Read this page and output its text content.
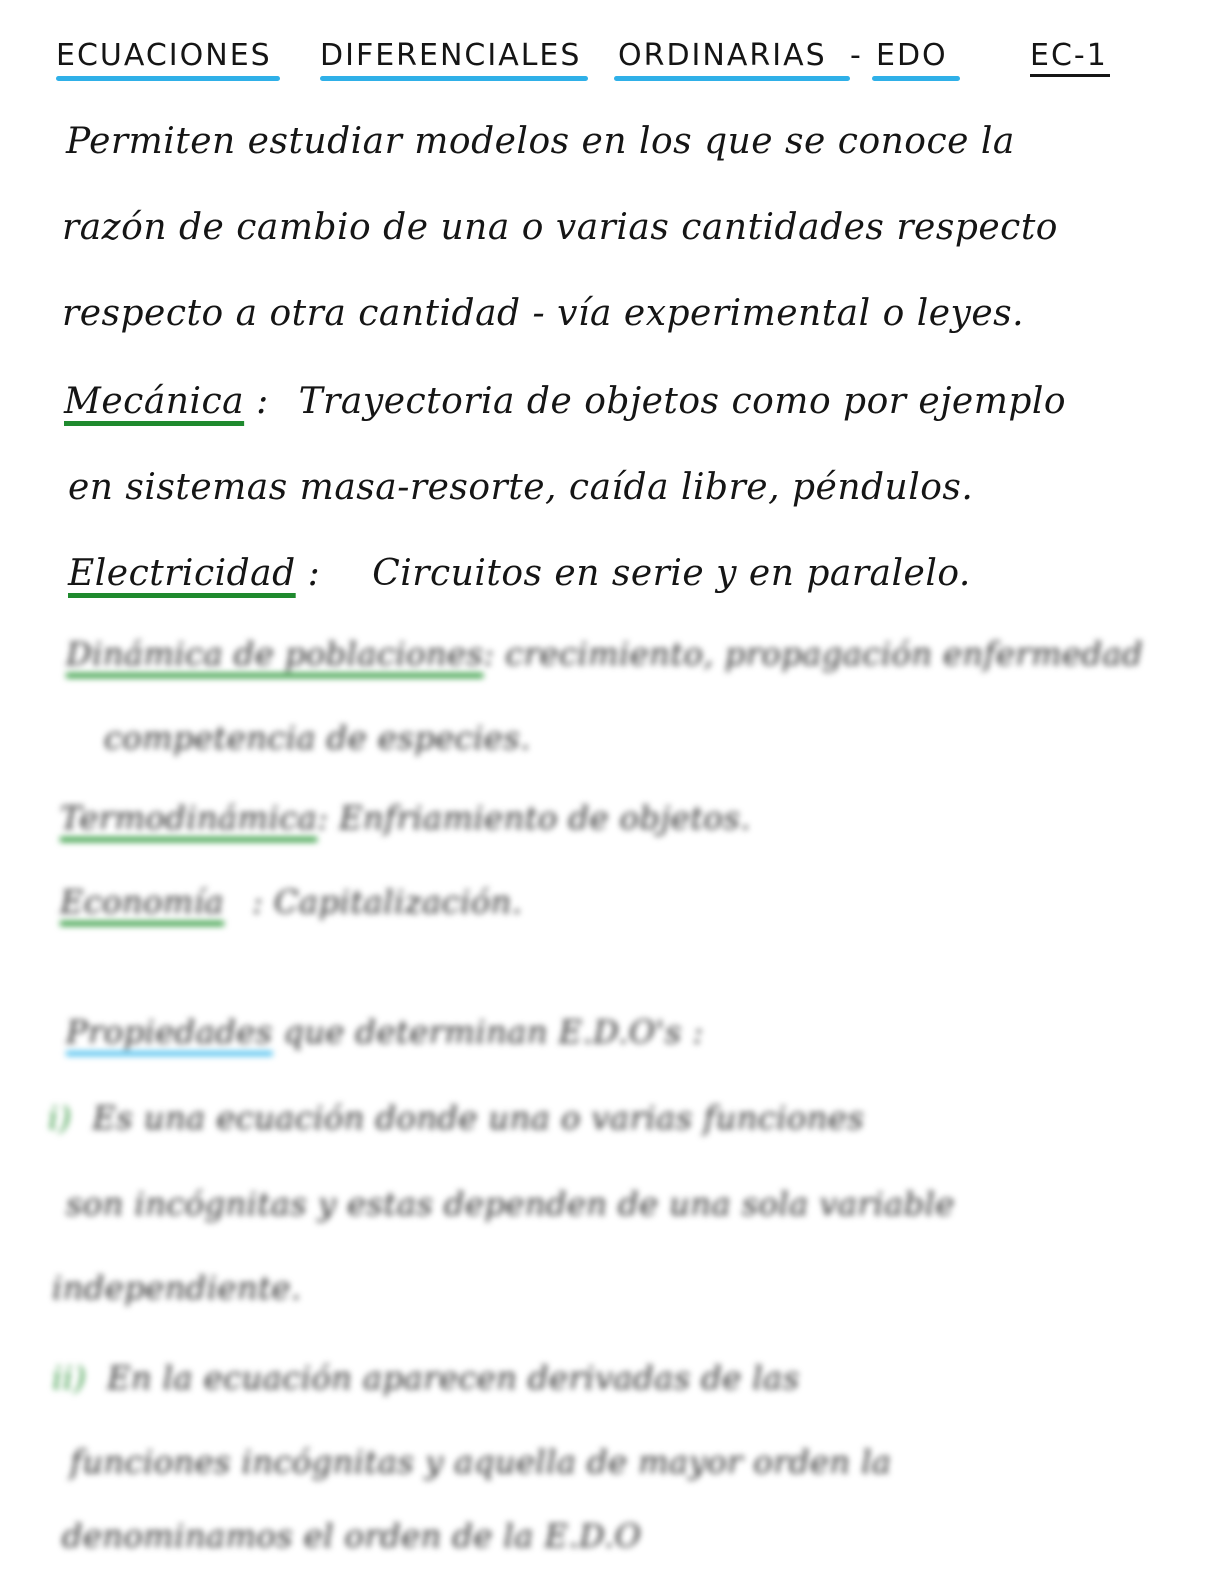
ECUACIONES DIFERENCIALES ORDINARIAS - EDO	EC-1
Permiten estudiar modelos en los que se conoce la
razón de cambio de una o varias cantidades respecto
respecto a otra cantidad - vía experimental o leyes.
Mecánica : Trayectoria de objetos como por ejemplo
en sistemas masa-resorte, caída libre, péndulos.
Electricidad : Circuitos en serie y en paralelo.
Dinámica de poblaciones: crecimiento, propagación enfermedad
competencia de especies.
Termodinámica: Enfriamiento de objetos.
Economía : Capitalización.
Propiedades que determinan E.D.O's :
i) Es una ecuación donde una o varias funciones
son incógnitas y estas dependen de una sola variable
independiente.
ii) En la ecuación aparecen derivadas de las
funciones incógnitas y aquella de mayor orden la
denominamos el orden de la E.D.O
